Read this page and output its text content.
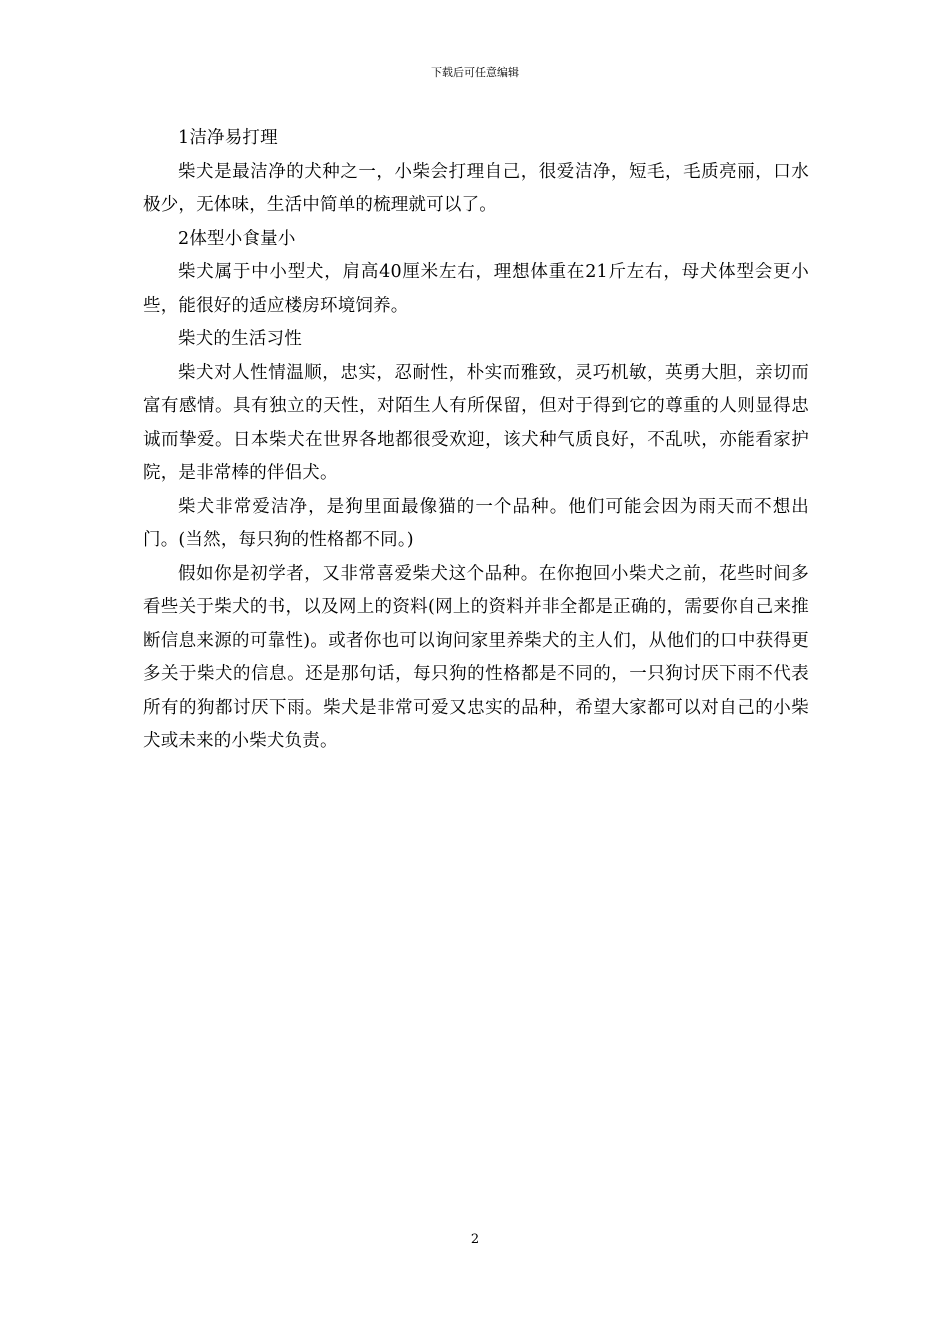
下载后可任意编辑

1洁净易打理

柴犬是最洁净的犬种之一，小柴会打理自己，很爱洁净，短毛，毛质亮丽，口水极少，无体味，生活中简单的梳理就可以了。

2体型小食量小

柴犬属于中小型犬，肩高40厘米左右，理想体重在21斤左右，母犬体型会更小些，能很好的适应楼房环境饲养。

柴犬的生活习性

柴犬对人性情温顺，忠实，忍耐性，朴实而雅致，灵巧机敏，英勇大胆，亲切而富有感情。具有独立的天性，对陌生人有所保留，但对于得到它的尊重的人则显得忠诚而挚爱。日本柴犬在世界各地都很受欢迎，该犬种气质良好，不乱吠，亦能看家护院，是非常棒的伴侣犬。

柴犬非常爱洁净，是狗里面最像猫的一个品种。他们可能会因为雨天而不想出门。(当然，每只狗的性格都不同。)

假如你是初学者，又非常喜爱柴犬这个品种。在你抱回小柴犬之前，花些时间多看些关于柴犬的书，以及网上的资料(网上的资料并非全都是正确的，需要你自己来推断信息来源的可靠性)。或者你也可以询问家里养柴犬的主人们，从他们的口中获得更多关于柴犬的信息。还是那句话，每只狗的性格都是不同的，一只狗讨厌下雨不代表所有的狗都讨厌下雨。柴犬是非常可爱又忠实的品种，希望大家都可以对自己的小柴犬或未来的小柴犬负责。

2
